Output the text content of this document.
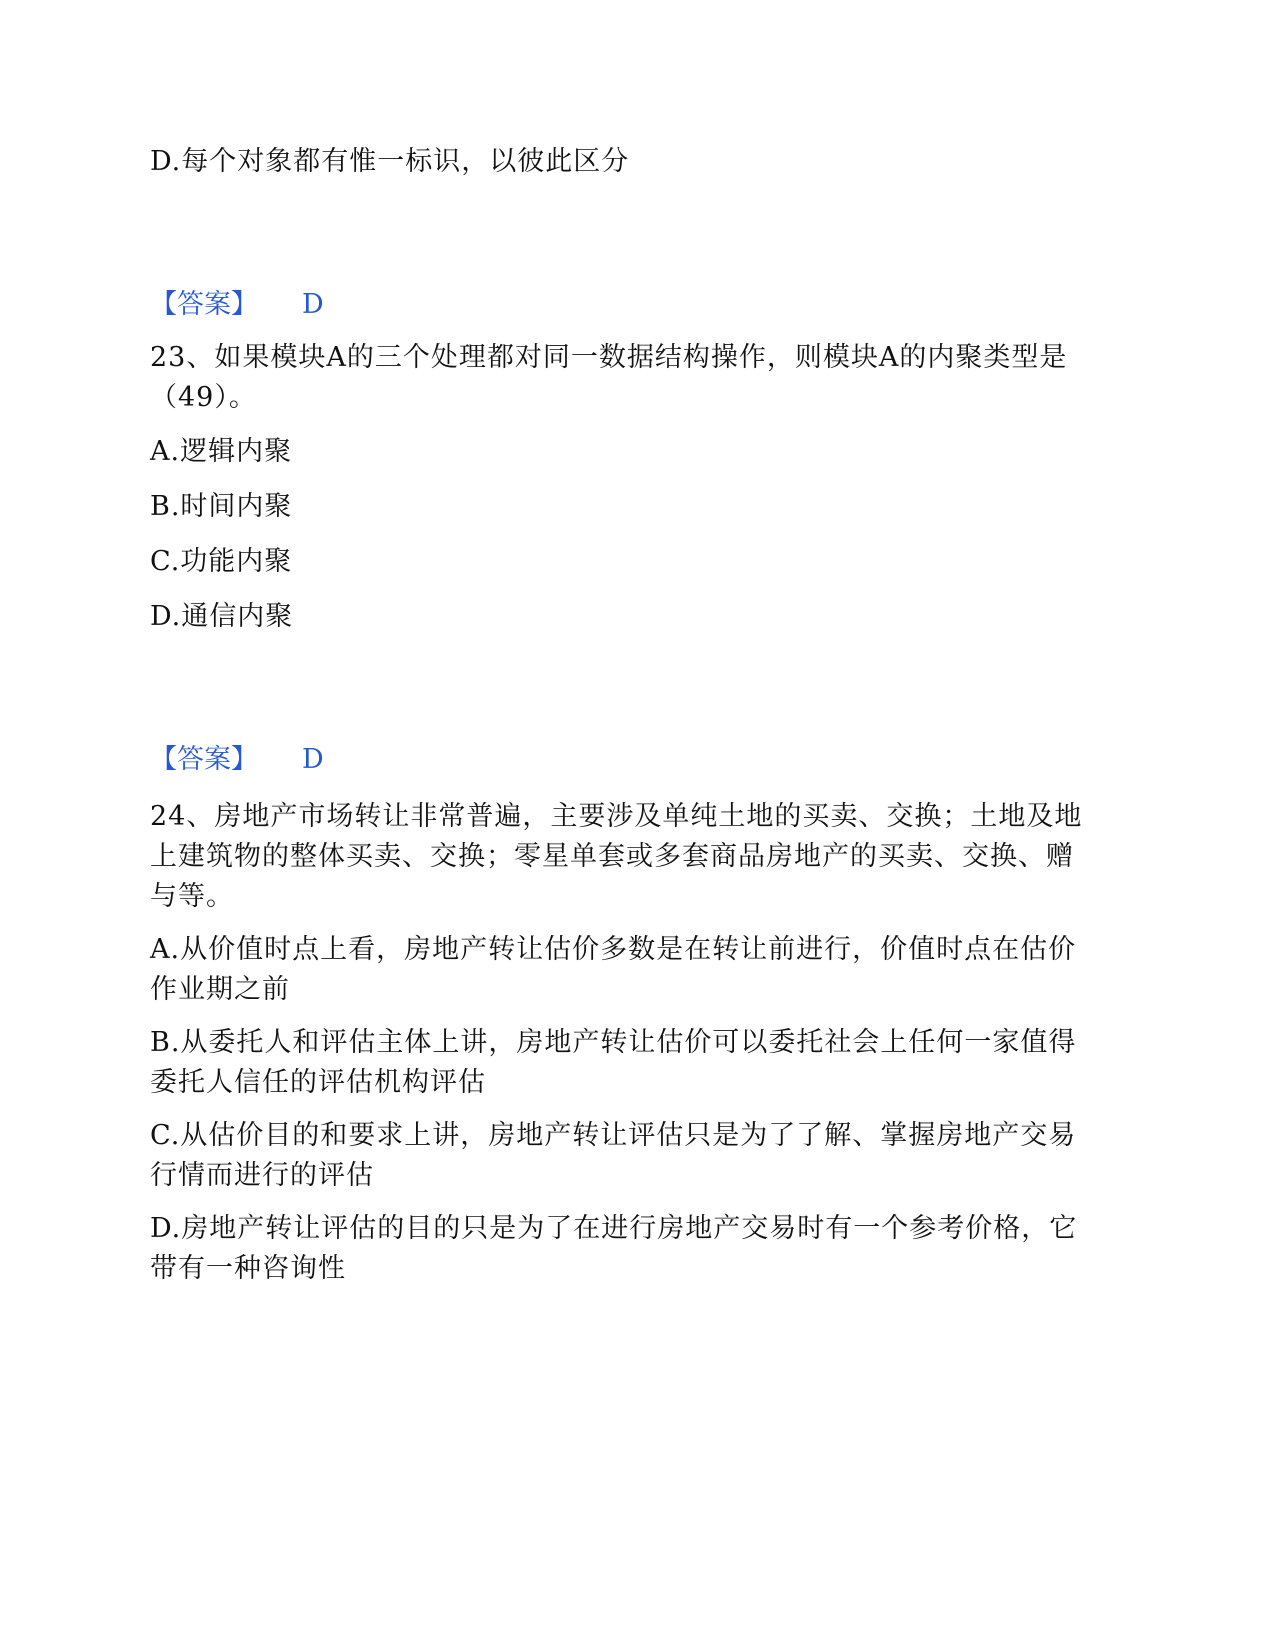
D.每个对象都有惟一标识，以彼此区分
【答案】 D
23、如果模块A的三个处理都对同一数据结构操作，则模块A的内聚类型是
（49）。
A.逻辑内聚
B.时间内聚
C.功能内聚
D.通信内聚
【答案】 D
24、房地产市场转让非常普遍，主要涉及单纯土地的买卖、交换；土地及地
上建筑物的整体买卖、交换；零星单套或多套商品房地产的买卖、交换、赠
与等。
A.从价值时点上看，房地产转让估价多数是在转让前进行，价值时点在估价
作业期之前
B.从委托人和评估主体上讲，房地产转让估价可以委托社会上任何一家值得
委托人信任的评估机构评估
C.从估价目的和要求上讲，房地产转让评估只是为了了解、掌握房地产交易
行情而进行的评估
D.房地产转让评估的目的只是为了在进行房地产交易时有一个参考价格，它
带有一种咨询性
